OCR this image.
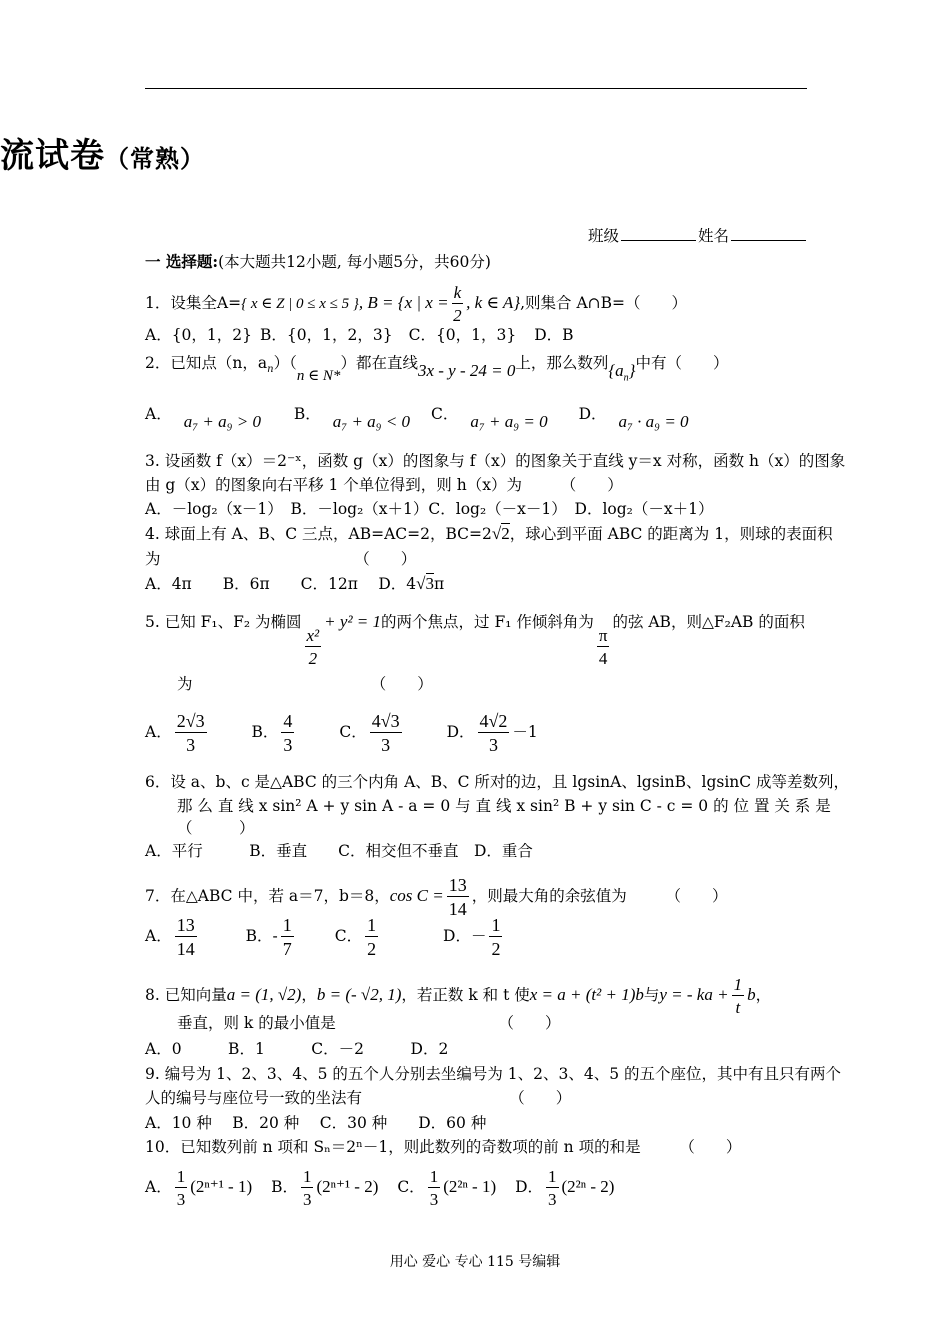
流试卷（常熟）
班级	姓名
一 选择题:(本大题共12小题, 每小题5分，共60分)
1．设集全A={ x ∈ Z | 0 ≤ x ≤ 5 }, B = {x | $x = \frac{k}{2}$ , k ∈ A},则集合 A∩B=（　　）
A．{0，1，2} B．{0，1，2，3} C．{0，1，3} D．B
2．已知点（n，$a_n)(n$ ∈ N*）都在直线3x - y - 24 = 0上，那么数列$\{a_n\}$中有（　　）
A． a₇ + a₉ > 0 B． a₇ + a₉ < 0 C． a₇ + a₉ = 0 D． a₇ · a₉ = 0
3. 设函数 f（x）＝2⁻ˣ，函数 g（x）的图象与 f（x）的图象关于直线 y＝x 对称，函数 h（x）的图象
由 g（x）的图象向右平移 1 个单位得到，则 h（x）为　　　（　　）
A．－log₂（x－1）　B．－log₂（x＋1）C．log₂（－x－1）　D．log₂（－x＋1）
4. 球面上有 A、B、C 三点，AB=AC=2，BC=2√2，球心到平面 ABC 的距离为 1，则球的表面积
为　　　　　　　　　　　　　（　　）
A．4π　　B．6π　　C．12π　 D．4√3π
5. 已知 F₁、F₂ 为椭圆
$\frac{\text{x²}}{2}$
+ y² = 1的两个焦点，过 F₁ 作倾斜角为
$\frac{\pi}{4}$
的弦 AB，则△F₂AB 的面积
为　　　　　　　　　　　　（　　）
A． $\frac{2√3}{3}$	B． $\frac{4}{3}$	C． $\frac{4√3}{3}$	D． $\frac{4√2}{3} -1$
6．设 a、b、c 是△ABC 的三个内角 A、B、C 所对的边，且 lgsinA、lgsinB、lgsinC 成等差数列，
那 么 直 线 x sin² A + y sin A - a = 0 与 直 线 x sin² B + y sin C - c = 0 的 位 置 关 系 是
（　　　）
A．平行　　　B．垂直　　C．相交但不垂直　D．重合
7．在△ABC 中，若 a＝7，b＝8，$\cos C = \frac{13}{14}$ ，则最大角的余弦值为　　　（　　）
A． $\frac{13}{14}$	B．- $\frac{1}{7}$	C． $\frac{1}{2}$	D．－ $\frac{1}{2}$
8. 已知向量a = (1, √2)，b = (- √2, 1)，若正数 k 和 t 使x = a + (t² + 1)b与y = - ka + $\frac{1}{t}$ b，
垂直，则 k 的最小值是　　　　　　　　　　　（　　）
A．0　　　B．1　　　C．－2　　　D．2
9. 编号为 1、2、3、4、5 的五个人分别去坐编号为 1、2、3、4、5 的五个座位，其中有且只有两个
人的编号与座位号一致的坐法有　　　　　　　　　　（　　）
A．10 种　 B．20 种　 C．30 种　　D．60 种
10．已知数列前 n 项和 Sₙ＝2ⁿ－1，则此数列的奇数项的前 n 项的和是　　　（　　）
A． $\frac{1}{3} (2^{n+1} - 1)$ B． $\frac{1}{3} (2^{n+1} - 2)$ C． $\frac{1}{3} (2^{2n} - 1)$ D． $\frac{1}{3} (2^{2n} - 2)$
用心 爱心 专心 115 号编辑
